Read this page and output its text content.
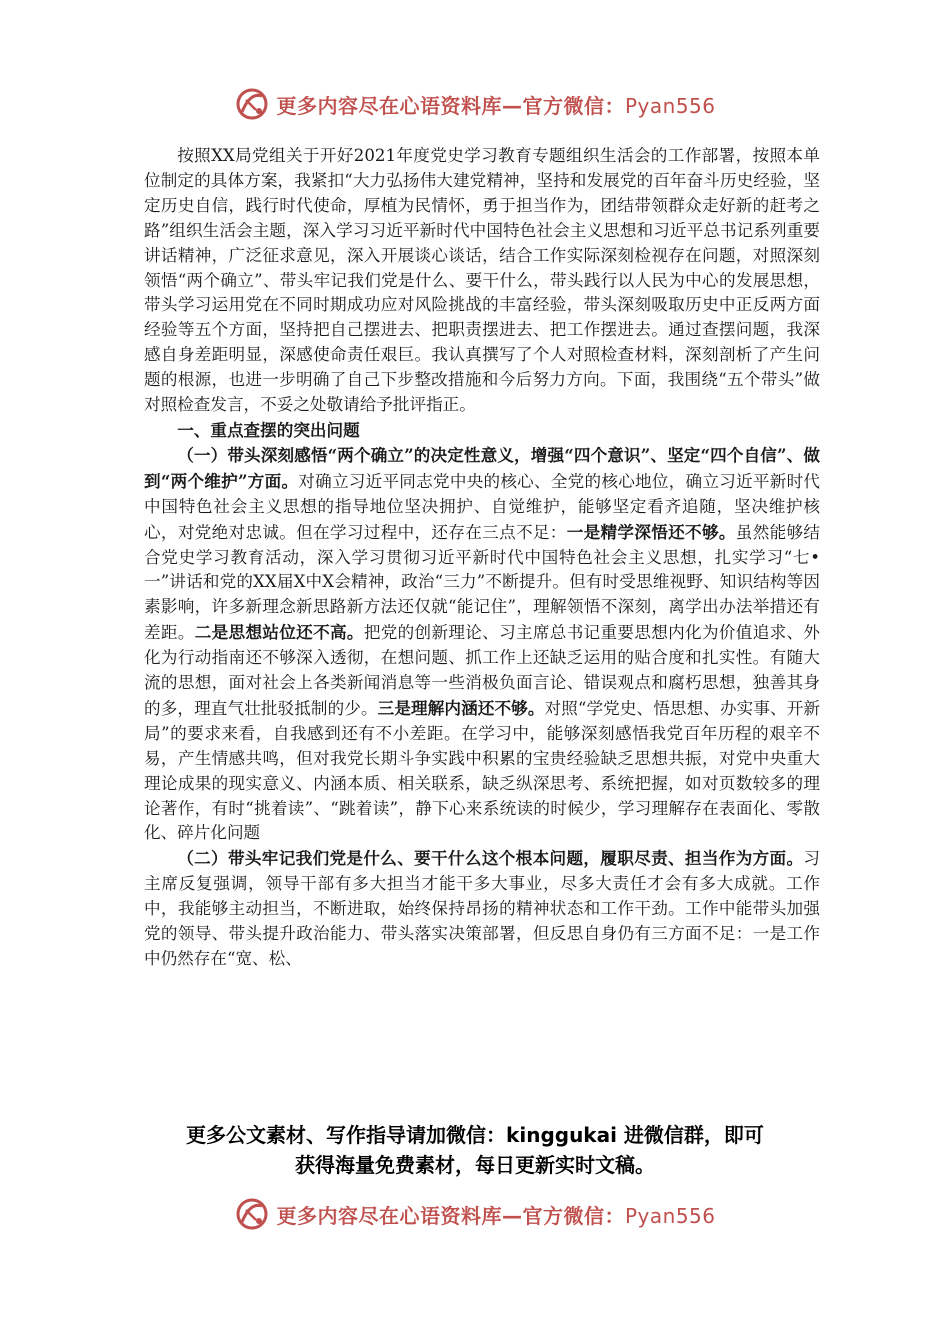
更多内容尽在心语资料库—官方微信：Pyan556

按照XX局党组关于开好2021年度党史学习教育专题组织生活会的工作部署，按照本单位制定的具体方案，我紧扣“大力弘扬伟大建党精神，坚持和发展党的百年奋斗历史经验，坚定历史自信，践行时代使命，厚植为民情怀，勇于担当作为，团结带领群众走好新的赶考之路”组织生活会主题，深入学习习近平新时代中国特色社会主义思想和习近平总书记系列重要讲话精神，广泛征求意见，深入开展谈心谈话，结合工作实际深刻检视存在问题，对照深刻领悟“两个确立”、带头牢记我们党是什么、要干什么，带头践行以人民为中心的发展思想，带头学习运用党在不同时期成功应对风险挑战的丰富经验，带头深刻吸取历史中正反两方面经验等五个方面，坚持把自己摆进去、把职责摆进去、把工作摆进去。通过查摆问题，我深感自身差距明显，深感使命责任艰巨。我认真撰写了个人对照检查材料，深刻剖析了产生问题的根源，也进一步明确了自己下步整改措施和今后努力方向。下面，我围绕“五个带头”做对照检查发言，不妥之处敬请给予批评指正。

一、重点查摆的突出问题

（一）带头深刻感悟“两个确立”的决定性意义，增强“四个意识”、坚定“四个自信”、做到“两个维护”方面。对确立习近平同志党中央的核心、全党的核心地位，确立习近平新时代中国特色社会主义思想的指导地位坚决拥护、自觉维护，能够坚定看齐追随，坚决维护核心，对党绝对忠诚。但在学习过程中，还存在三点不足：一是精学深悟还不够。虽然能够结合党史学习教育活动，深入学习贯彻习近平新时代中国特色社会主义思想，扎实学习“七•一”讲话和党的XX届X中X会精神，政治“三力”不断提升。但有时受思维视野、知识结构等因素影响，许多新理念新思路新方法还仅就“能记住”，理解领悟不深刻，离学出办法举措还有差距。二是思想站位还不高。把党的创新理论、习主席总书记重要思想内化为价值追求、外化为行动指南还不够深入透彻，在想问题、抓工作上还缺乏运用的贴合度和扎实性。有随大流的思想，面对社会上各类新闻消息等一些消极负面言论、错误观点和腐朽思想，独善其身的多，理直气壮批驳抵制的少。三是理解内涵还不够。对照“学党史、悟思想、办实事、开新局”的要求来看，自我感到还有不小差距。在学习中，能够深刻感悟我党百年历程的艰辛不易，产生情感共鸣，但对我党长期斗争实践中积累的宝贵经验缺乏思想共振，对党中央重大理论成果的现实意义、内涵本质、相关联系，缺乏纵深思考、系统把握，如对页数较多的理论著作，有时“挑着读”、“跳着读”，静下心来系统读的时候少，学习理解存在表面化、零散化、碎片化问题

（二）带头牢记我们党是什么、要干什么这个根本问题，履职尽责、担当作为方面。习主席反复强调，领导干部有多大担当才能干多大事业，尽多大责任才会有多大成就。工作中，我能够主动担当，不断进取，始终保持昂扬的精神状态和工作干劲。工作中能带头加强党的领导、带头提升政治能力、带头落实决策部署，但反思自身仍有三方面不足：一是工作中仍然存在“宽、松、

更多公文素材、写作指导请加微信：kinggukai 进微信群，即可
获得海量免费素材，每日更新实时文稿。
更多内容尽在心语资料库—官方微信：Pyan556
